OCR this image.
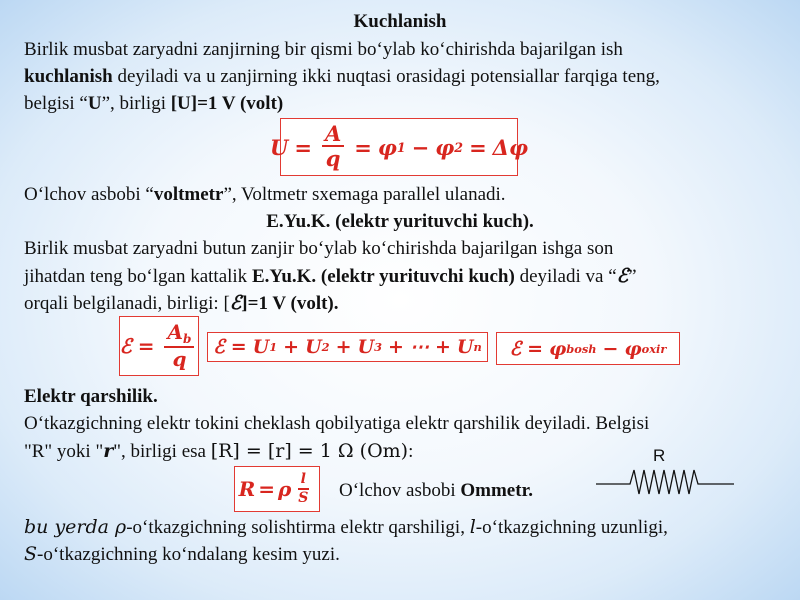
Kuchlanish
Birlik musbat zaryadni zanjirning bir qismi bo‘ylab ko‘chirishda bajarilgan ish
kuchlanish deyiladi va u zanjirning ikki nuqtasi orasidagi potensiallar farqiga teng,
belgisi “U”, birligi [U]=1 V (volt)
$U = \frac{A}{q} = \varphi$ 1 − φ 2 = Δφ
O‘lchov asbobi “voltmetr”, Voltmetr sxemaga parallel ulanadi.
E.Yu.K. (elektr yurituvchi kuch).
Birlik musbat zaryadni butun zanjir bo‘ylab ko‘chirishda bajarilgan ishga son
jihatdan teng bo‘lgan kattalik E.Yu.K. (elektr yurituvchi kuch) deyiladi va “ℰ”
orqali belgilanadi, birligi: [ℰ]=1 V (volt).
ℰ = $\frac{A_b}{q}$ ℰ = U 1 + U 2 + U 3 + ⋯ + U n ℰ = φ bosh − φ oxir
Elektr qarshilik.
O‘tkazgichning elektr tokini cheklash qobilyatiga elektr qarshilik deyiladi. Belgisi
"R" yoki "r", birligi esa [R] = [r] = 1 Ω (Om):
R = ρ $\frac{l}{S}$ O‘lchov asbobi Ommetr.
R
bu yerda ρ-o‘tkazgichning solishtirma elektr qarshiligi, l-o‘tkazgichning uzunligi,
S-o‘tkazgichning ko‘ndalang kesim yuzi.
